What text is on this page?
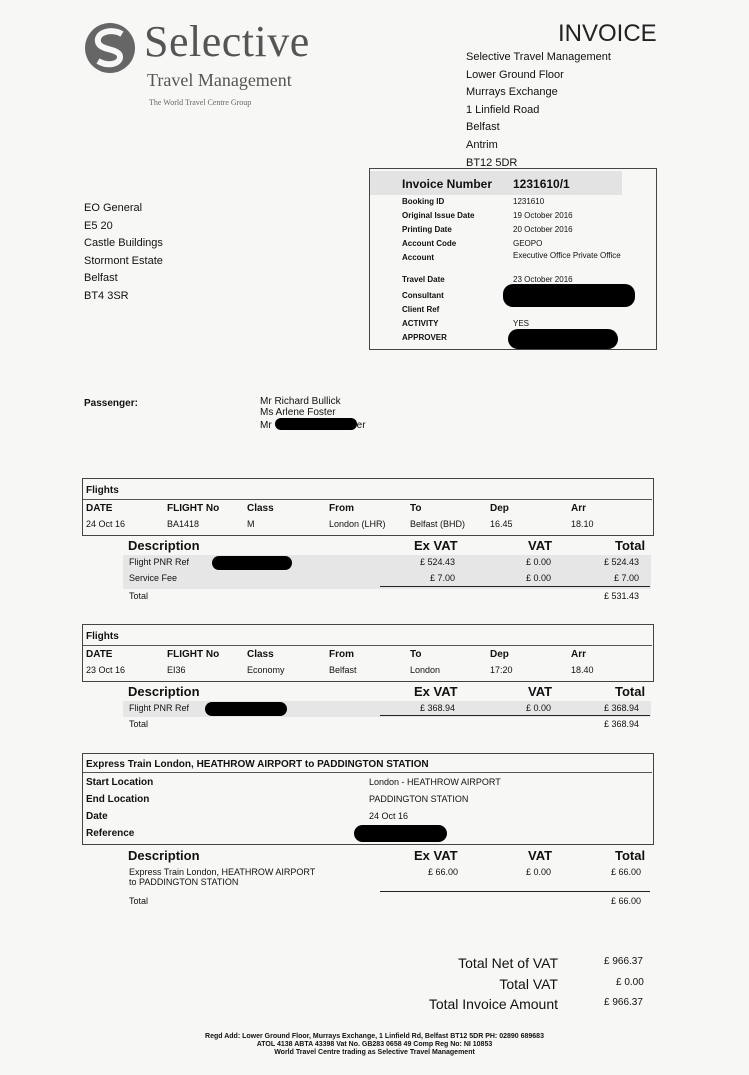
Selective
Travel Management
The World Travel Centre Group
INVOICE
Selective Travel Management
Lower Ground Floor
Murrays Exchange
1 Linfield Road
Belfast
Antrim
BT12 5DR
EO General
E5 20
Castle Buildings
Stormont Estate
Belfast
BT4 3SR
Invoice Number 1231610/1
Booking ID	1231610
Original Issue Date	19 October 2016
Printing Date	20 October 2016
Account Code	GEOPO
Account	Executive Office Private Office
Travel Date	23 October 2016
Consultant
Client Ref
ACTIVITY	YES
APPROVER
Passenger:	Mr Richard Bullick
Ms Arlene Foster
Mr	er
Flights
DATE	FLIGHT No	Class	From	To	Dep	Arr
24 Oct 16	BA1418	M	London (LHR)	Belfast (BHD)	16.45	18.10
Description	Ex VAT	VAT	Total
Flight PNR Ref	£ 524.43	£ 0.00	£ 524.43
Service Fee	£ 7.00	£ 0.00	£ 7.00
Total	£ 531.43
Flights
DATE	FLIGHT No	Class	From	To	Dep	Arr
23 Oct 16	EI36	Economy	Belfast	London	17:20	18.40
Description	Ex VAT	VAT	Total
Flight PNR Ref	£ 368.94	£ 0.00	£ 368.94
Total	£ 368.94
Express Train London, HEATHROW AIRPORT to PADDINGTON STATION
Start Location	London - HEATHROW AIRPORT
End Location	PADDINGTON STATION
Date	24 Oct 16
Reference
Description	Ex VAT	VAT	Total
Express Train London, HEATHROW AIRPORT
to PADDINGTON STATION
£ 66.00	£ 0.00	£ 66.00
Total	£ 66.00
Total Net of VAT	£ 966.37
Total VAT	£ 0.00
Total Invoice Amount	£ 966.37
Regd Add: Lower Ground Floor, Murrays Exchange, 1 Linfield Rd, Belfast BT12 5DR PH: 02890 689683
ATOL 4138 ABTA 43398 Vat No. GB283 0658 49 Comp Reg No: NI 10853
World Travel Centre trading as Selective Travel Management
